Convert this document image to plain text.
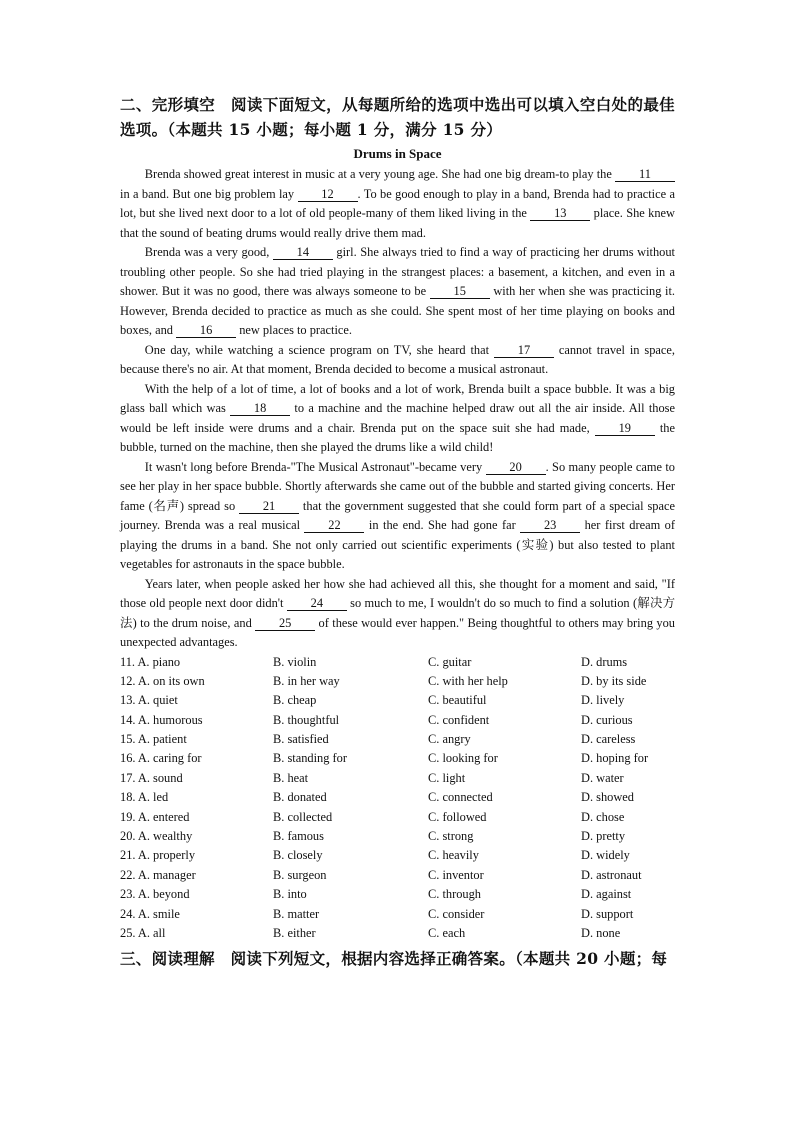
二、完形填空　阅读下面短文，从每题所给的选项中选出可以填入空白处的最佳选项。（本题共 15 小题；每小题 1 分，满分 15 分）
Drums in Space

Brenda showed great interest in music at a very young age. She had one big dream-to play the 11 in a band. But one big problem lay 12 . To be good enough to play in a band, Brenda had to practice a lot, but she lived next door to a lot of old people-many of them liked living in the 13 place. She knew that the sound of beating drums would really drive them mad.

Brenda was a very good, 14 girl. She always tried to find a way of practicing her drums without troubling other people. So she had tried playing in the strangest places: a basement, a kitchen, and even in a shower. But it was no good, there was always someone to be 15 with her when she was practicing it. However, Brenda decided to practice as much as she could. She spent most of her time playing on books and boxes, and 16 new places to practice.

One day, while watching a science program on TV, she heard that 17 cannot travel in space, because there's no air. At that moment, Brenda decided to become a musical astronaut.

With the help of a lot of time, a lot of books and a lot of work, Brenda built a space bubble. It was a big glass ball which was 18 to a machine and the machine helped draw out all the air inside. All those would be left inside were drums and a chair. Brenda put on the space suit she had made, 19 the bubble, turned on the machine, then she played the drums like a wild child!

It wasn't long before Brenda-"The Musical Astronaut"-became very 20 . So many people came to see her play in her space bubble. Shortly afterwards she came out of the bubble and started giving concerts. Her fame (名声) spread so 21 that the government suggested that she could form part of a special space journey. Brenda was a real musical 22 in the end. She had gone far 23 her first dream of playing the drums in a band. She not only carried out scientific experiments (实验) but also tested to plant vegetables for astronauts in the space bubble.

Years later, when people asked her how she had achieved all this, she thought for a moment and said, "If those old people next door didn't 24 so much to me, I wouldn't do so much to find a solution (解决方法) to the drum noise, and 25 of these would ever happen." Being thoughtful to others may bring you unexpected advantages.

11. A. piano	B. violin	C. guitar	D. drums
12. A. on its own	B. in her way	C. with her help	D. by its side
13. A. quiet	B. cheap	C. beautiful	D. lively
14. A. humorous	B. thoughtful	C. confident	D. curious
15. A. patient	B. satisfied	C. angry	D. careless
16. A. caring for	B. standing for	C. looking for	D. hoping for
17. A. sound	B. heat	C. light	D. water
18. A. led	B. donated	C. connected	D. showed
19. A. entered	B. collected	C. followed	D. chose
20. A. wealthy	B. famous	C. strong	D. pretty
21. A. properly	B. closely	C. heavily	D. widely
22. A. manager	B. surgeon	C. inventor	D. astronaut
23. A. beyond	B. into	C. through	D. against
24. A. smile	B. matter	C. consider	D. support
25. A. all	B. either	C. each	D. none
三、阅读理解　阅读下列短文，根据内容选择正确答案。（本题共 20 小题；每
